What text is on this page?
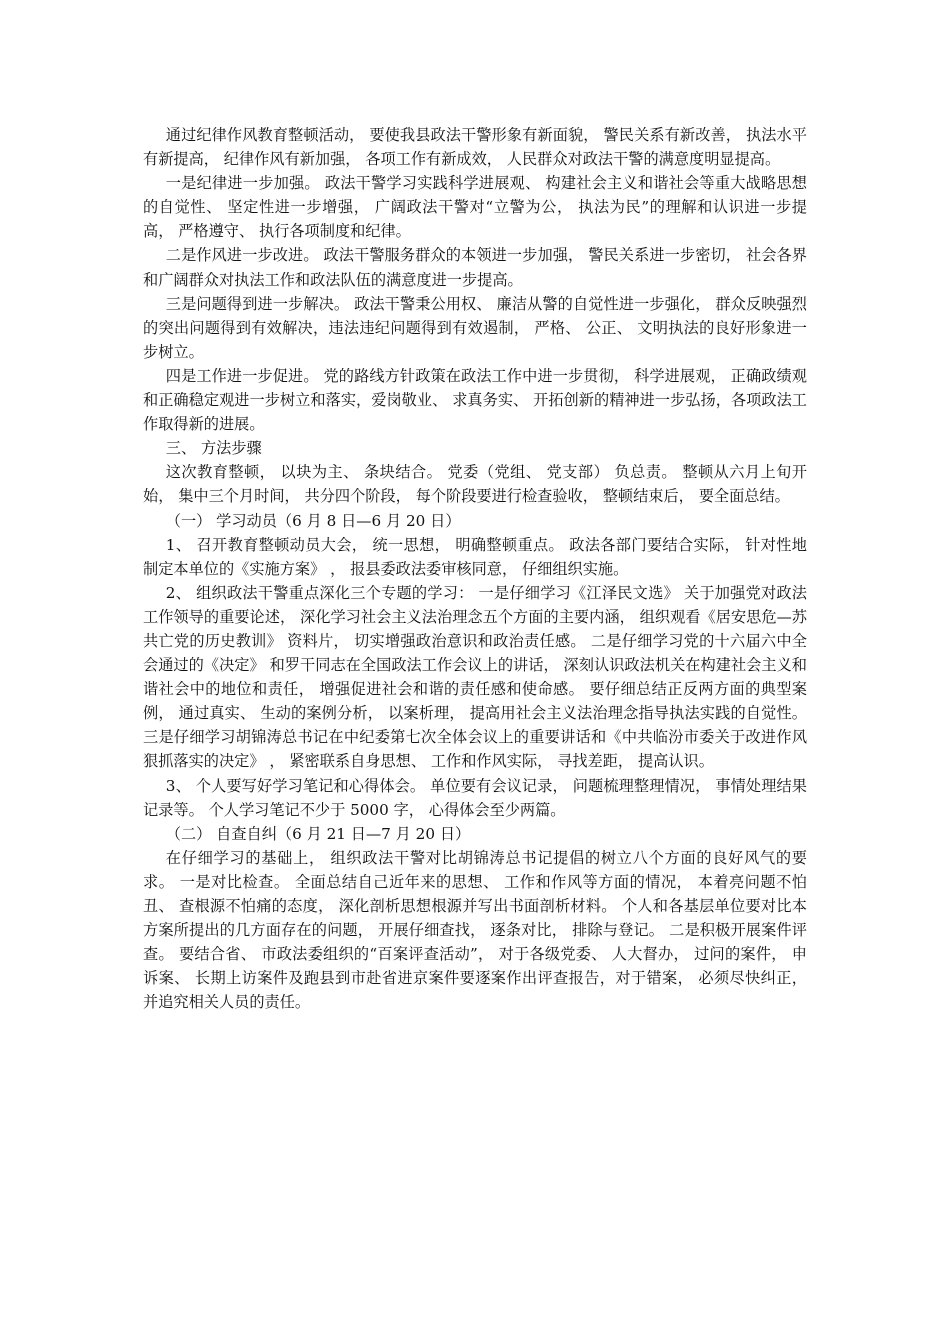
通过纪律作风教育整顿活动， 要使我县政法干警形象有新面貌， 警民关系有新改善， 执法水平有新提高， 纪律作风有新加强， 各项工作有新成效， 人民群众对政法干警的满意度明显提高。

一是纪律进一步加强。 政法干警学习实践科学进展观、 构建社会主义和谐社会等重大战略思想的自觉性、 坚定性进一步增强， 广阔政法干警对“立警为公， 执法为民”的理解和认识进一步提高， 严格遵守、 执行各项制度和纪律。

二是作风进一步改进。 政法干警服务群众的本领进一步加强， 警民关系进一步密切， 社会各界和广阔群众对执法工作和政法队伍的满意度进一步提高。

三是问题得到进一步解决。 政法干警秉公用权、 廉洁从警的自觉性进一步强化， 群众反映强烈的突出问题得到有效解决，违法违纪问题得到有效遏制， 严格、 公正、 文明执法的良好形象进一步树立。

四是工作进一步促进。 党的路线方针政策在政法工作中进一步贯彻， 科学进展观， 正确政绩观和正确稳定观进一步树立和落实，爱岗敬业、 求真务实、 开拓创新的精神进一步弘扬，各项政法工作取得新的进展。

三、 方法步骤

这次教育整顿， 以块为主、 条块结合。 党委（党组、 党支部） 负总责。 整顿从六月上旬开始， 集中三个月时间， 共分四个阶段， 每个阶段要进行检查验收， 整顿结束后， 要全面总结。

（一） 学习动员（6 月 8 日—6 月 20 日）

1、 召开教育整顿动员大会， 统一思想， 明确整顿重点。 政法各部门要结合实际， 针对性地制定本单位的《实施方案》 ， 报县委政法委审核同意， 仔细组织实施。

2、 组织政法干警重点深化三个专题的学习： 一是仔细学习《江泽民文选》 关于加强党对政法工作领导的重要论述， 深化学习社会主义法治理念五个方面的主要内涵， 组织观看《居安思危—苏共亡党的历史教训》 资料片， 切实增强政治意识和政治责任感。 二是仔细学习党的十六届六中全会通过的《决定》 和罗干同志在全国政法工作会议上的讲话， 深刻认识政法机关在构建社会主义和谐社会中的地位和责任， 增强促进社会和谐的责任感和使命感。 要仔细总结正反两方面的典型案例， 通过真实、 生动的案例分析， 以案析理， 提高用社会主义法治理念指导执法实践的自觉性。 三是仔细学习胡锦涛总书记在中纪委第七次全体会议上的重要讲话和《中共临汾市委关于改进作风狠抓落实的决定》 ， 紧密联系自身思想、 工作和作风实际， 寻找差距， 提高认识。

3、 个人要写好学习笔记和心得体会。 单位要有会议记录， 问题梳理整理情况， 事情处理结果记录等。 个人学习笔记不少于 5000 字， 心得体会至少两篇。

（二） 自查自纠（6 月 21 日—7 月 20 日）

在仔细学习的基础上， 组织政法干警对比胡锦涛总书记提倡的树立八个方面的良好风气的要求。 一是对比检查。 全面总结自己近年来的思想、 工作和作风等方面的情况， 本着亮问题不怕丑、 查根源不怕痛的态度， 深化剖析思想根源并写出书面剖析材料。 个人和各基层单位要对比本方案所提出的几方面存在的问题， 开展仔细查找， 逐条对比， 排除与登记。 二是积极开展案件评查。 要结合省、 市政法委组织的“百案评查活动”， 对于各级党委、 人大督办， 过问的案件， 申诉案、 长期上访案件及跑县到市赴省进京案件要逐案作出评查报告，对于错案， 必须尽快纠正， 并追究相关人员的责任。
